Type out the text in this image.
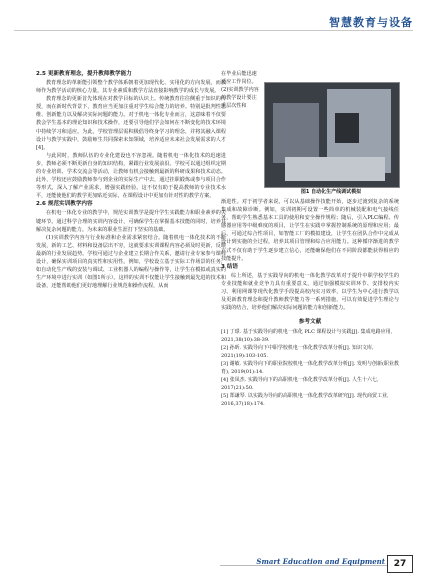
智慧教育与设备

2.5 更新教育理念，提升教师教学能力

教育理念的革新能引领整个教学体系朝着更加现代化、实用化的方向发展，而教师作为教学活动的核心力量，其专业素质和教学方法直接影响教学的成长与发展。

教育理念的更新首先体现在对教学目标的认识上。传统教育往往侧重于知识的传授，而在新时代背景下，教育应当更加注重对学生综合能力的培养。特别是批判性思维、创新能力以及解决实际问题的能力。对于机电一体化专业而言，这意味着不仅要教会学生基本的理论知识和技术操作，还要引导他们学会如何在不断变化的技术环境中持续学习和适应。为此，学校管理层需积极倡导终身学习的理念，并将其融入课程设计与教学实践中，鼓励师生共同探索未知领域，培养适应未来社会发展需求的人才[4]。

与此同时，教师队伍的专业化建设也不容忽视。随着机电一体化技术的迅速进步，教师必须不断更新自身的知识结构，紧跟行业发展前沿。学校可以通过组织定期的专业培训、学术交流会等活动，让教师有机会接触到最新的科研成果和技术动态。此外，学校还应鼓励教师参与到企业的实际生产中去，通过挂职锻炼或参与项目合作等形式，深入了解产业需求，增强实践经验。这不仅有助于提高教师的专业技术水平，还能使他们的教学更加贴近实际，在课程设计中更加有针对性的教学方案。

2.6 规范实训教学内容

在机电一体化专业的教学中，规范实训教学是提升学生实践能力和职业素养的关键环节。通过科学合理的实训内容设计，可确保学生在掌握基本技能的同时，培养其解决复杂问题的能力。为未来的职业生涯打下坚实的基础。

(1)实训教学内容与行业标准和企业需求紧密结合。随着机电一体化技术的不断发展，新的工艺、材料和设备层出不穷，这就要求实训课程内容必须及时更新，反映最新的行业发展趋势。学校可通过与企业建立长期合作关系，邀请行业专家参与课程设计，确保实训项目的真实性和实用性。例如，学校设立基于实际工作场景的任务，如自动化生产线的安装与调试、工业机器人的编程与操作等，让学生在模拟或真实的生产环境中进行实训（如图1所示）。这样的实训不仅能让学生接触到最先进的技术和设备，还能帮助他们更好地理解行业规范和操作流程，从而

在毕业后能迅速适应工作岗位。(2)实训教学内容的教学设计要注重层次性和
图1 自动化生产线调试模拟

渐进性。对于初学者来说，可以从基础操作技能开始，逐步过渡到复杂的系统集成和故障诊断。例如，实训初期可设置一些简单的机械装配和电气接线任务，帮助学生熟悉基本工具的使用和安全操作规程；随后，引入PLC编程、传感器应用等中级难度的项目，让学生在实践中掌握控制系统的原理和应用；最后，可通过综合性项目，如智能工厂的模拟建设，让学生在团队合作中完成从设计到实施的全过程，培养其项目管理和综合应用能力。这种循序渐进的教学方式不仅有助于学生逐步建立信心，还能确保他们在不同阶段都能获得相应的技能提升。

3 结语

综上所述，基于实践导向的机电一体化教学改革对于提升中职学校学生的专业技能和就业竞争力具有重要意义。通过加强模拟实训环节、安排校内实习、利用网课等现代化教学手段提高校内实习效率，以学生为中心进行教学以及更新教育理念和提升教师教学能力等一系列措施，可以有效促进学生理论与实践的结合，培养他们解决实际问题的能力和创新能力。

参考文献

[1] 丁璟. 基于实践导向的机电一体化 PLC 课程设计与实践[J]. 集成电路应用, 2021,38(10):38-39.

[2] 孙昕. 实践导向下中职学校机电一体化教学改革分析[J]. 知识文库, 2021(19):103-105.

[3] 谢敏. 实践导向下的职业院校机电一体化教学改革分析[J]. 发明与创新(职业教育), 2019(01):14.

[4] 张凤杰. 实践导向下的高职机电一体化教学改革分析[J]. 人生十六七, 2017(21):50.

[5] 郑谦琴. 以实践为导向的高职机电一体化教学改革研究[J]. 现代商贸工业, 2016,37(18):174.

Smart Education and Equipment 27
